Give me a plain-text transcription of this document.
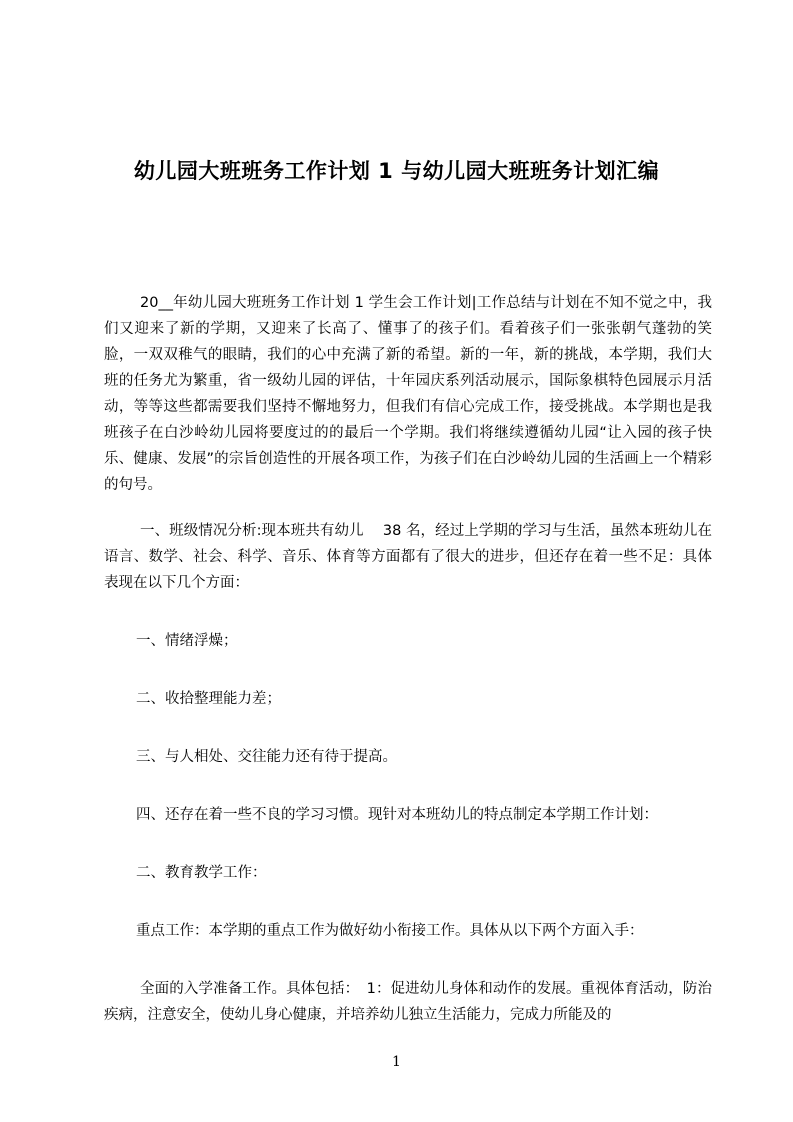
幼儿园大班班务工作计划 1 与幼儿园大班班务计划汇编

20__年幼儿园大班班务工作计划 1 学生会工作计划|工作总结与计划在不知不觉之中，我们又迎来了新的学期，又迎来了长高了、懂事了的孩子们。看着孩子们一张张朝气蓬勃的笑脸，一双双稚气的眼睛，我们的心中充满了新的希望。新的一年，新的挑战，本学期，我们大班的任务尤为繁重，省一级幼儿园的评估，十年园庆系列活动展示，国际象棋特色园展示月活动，等等这些都需要我们坚持不懈地努力，但我们有信心完成工作，接受挑战。本学期也是我班孩子在白沙岭幼儿园将要度过的的最后一个学期。我们将继续遵循幼儿园“让入园的孩子快乐、健康、发展”的宗旨创造性的开展各项工作，为孩子们在白沙岭幼儿园的生活画上一个精彩的句号。

一、班级情况分析:现本班共有幼儿　 38 名，经过上学期的学习与生活，虽然本班幼儿在语言、数学、社会、科学、音乐、体育等方面都有了很大的进步，但还存在着一些不足：具体表现在以下几个方面：

一、情绪浮燥；

二、收拾整理能力差；

三、与人相处、交往能力还有待于提高。

四、还存在着一些不良的学习习惯。现针对本班幼儿的特点制定本学期工作计划：

二、教育教学工作：

重点工作：本学期的重点工作为做好幼小衔接工作。具体从以下两个方面入手：

全面的入学准备工作。具体包括：　1：促进幼儿身体和动作的发展。重视体育活动，防治疾病，注意安全，使幼儿身心健康，并培养幼儿独立生活能力，完成力所能及的

1
